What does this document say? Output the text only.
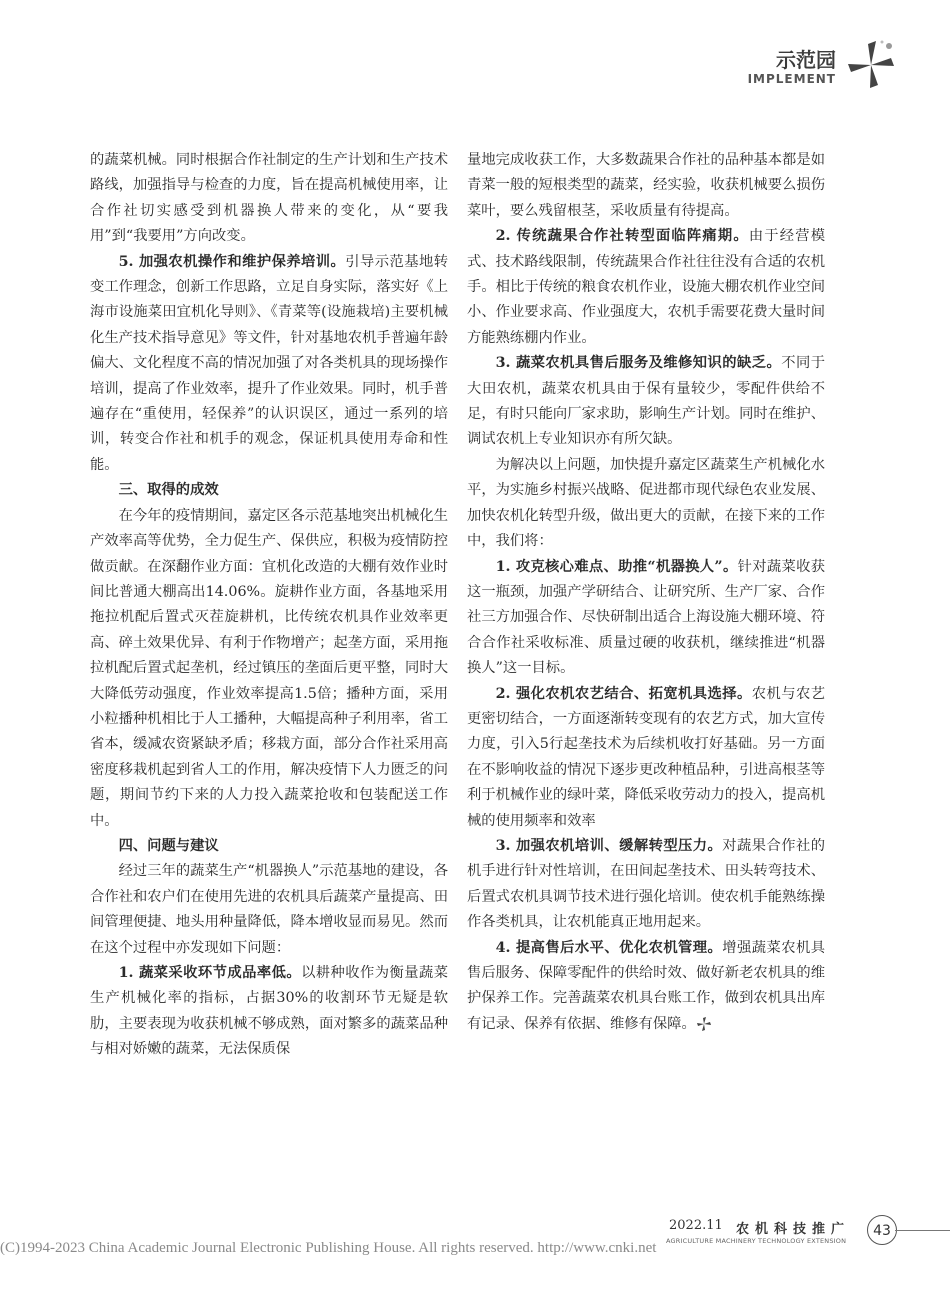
示范园
IMPLEMENT

的蔬菜机械。同时根据合作社制定的生产计划和生产技术路线，加强指导与检查的力度，旨在提高机械使用率，让合作社切实感受到机器换人带来的变化，从“要我用”到“我要用”方向改变。

5. 加强农机操作和维护保养培训。引导示范基地转变工作理念，创新工作思路，立足自身实际，落实好《上海市设施菜田宜机化导则》、《青菜等(设施栽培)主要机械化生产技术指导意见》等文件，针对基地农机手普遍年龄偏大、文化程度不高的情况加强了对各类机具的现场操作培训，提高了作业效率，提升了作业效果。同时，机手普遍存在“重使用，轻保养”的认识误区，通过一系列的培训，转变合作社和机手的观念，保证机具使用寿命和性能。

三、取得的成效

在今年的疫情期间，嘉定区各示范基地突出机械化生产效率高等优势，全力促生产、保供应，积极为疫情防控做贡献。在深翻作业方面：宜机化改造的大棚有效作业时间比普通大棚高出14.06%。旋耕作业方面，各基地采用拖拉机配后置式灭茬旋耕机，比传统农机具作业效率更高、碎土效果优异、有利于作物增产；起垄方面，采用拖拉机配后置式起垄机，经过镇压的垄面后更平整，同时大大降低劳动强度，作业效率提高1.5倍；播种方面，采用小粒播种机相比于人工播种，大幅提高种子利用率，省工省本，缓减农资紧缺矛盾；移栽方面，部分合作社采用高密度移栽机起到省人工的作用，解决疫情下人力匮乏的问题，期间节约下来的人力投入蔬菜抢收和包装配送工作中。

四、问题与建议

经过三年的蔬菜生产“机器换人”示范基地的建设，各合作社和农户们在使用先进的农机具后蔬菜产量提高、田间管理便捷、地头用种量降低，降本增收显而易见。然而在这个过程中亦发现如下问题：

1. 蔬菜采收环节成品率低。以耕种收作为衡量蔬菜生产机械化率的指标，占据30%的收割环节无疑是软肋，主要表现为收获机械不够成熟，面对繁多的蔬菜品种与相对娇嫩的蔬菜，无法保质保

量地完成收获工作，大多数蔬果合作社的品种基本都是如青菜一般的短根类型的蔬菜，经实验，收获机械要么损伤菜叶，要么残留根茎，采收质量有待提高。

2. 传统蔬果合作社转型面临阵痛期。由于经营模式、技术路线限制，传统蔬果合作社往往没有合适的农机手。相比于传统的粮食农机作业，设施大棚农机作业空间小、作业要求高、作业强度大，农机手需要花费大量时间方能熟练棚内作业。

3. 蔬菜农机具售后服务及维修知识的缺乏。不同于大田农机，蔬菜农机具由于保有量较少，零配件供给不足，有时只能向厂家求助，影响生产计划。同时在维护、调试农机上专业知识亦有所欠缺。

为解决以上问题，加快提升嘉定区蔬菜生产机械化水平，为实施乡村振兴战略、促进都市现代绿色农业发展、加快农机化转型升级，做出更大的贡献，在接下来的工作中，我们将：

1. 攻克核心难点、助推“机器换人”。针对蔬菜收获这一瓶颈，加强产学研结合、让研究所、生产厂家、合作社三方加强合作、尽快研制出适合上海设施大棚环境、符合合作社采收标准、质量过硬的收获机，继续推进“机器换人”这一目标。

2. 强化农机农艺结合、拓宽机具选择。农机与农艺更密切结合，一方面逐渐转变现有的农艺方式，加大宣传力度，引入5行起垄技术为后续机收打好基础。另一方面在不影响收益的情况下逐步更改种植品种，引进高根茎等利于机械作业的绿叶菜，降低采收劳动力的投入，提高机械的使用频率和效率

3. 加强农机培训、缓解转型压力。对蔬果合作社的机手进行针对性培训，在田间起垄技术、田头转弯技术、后置式农机具调节技术进行强化培训。使农机手能熟练操作各类机具，让农机能真正地用起来。

4. 提高售后水平、优化农机管理。增强蔬菜农机具售后服务、保障零配件的供给时效、做好新老农机具的维护保养工作。完善蔬菜农机具台账工作，做到农机具出库有记录、保养有依据、维修有保障。

2022.11 农机科技推广
AGRICULTURE MACHINERY TECHNOLOGY EXTENSION
43
(C)1994-2023 China Academic Journal Electronic Publishing House. All rights reserved. http://www.cnki.net
